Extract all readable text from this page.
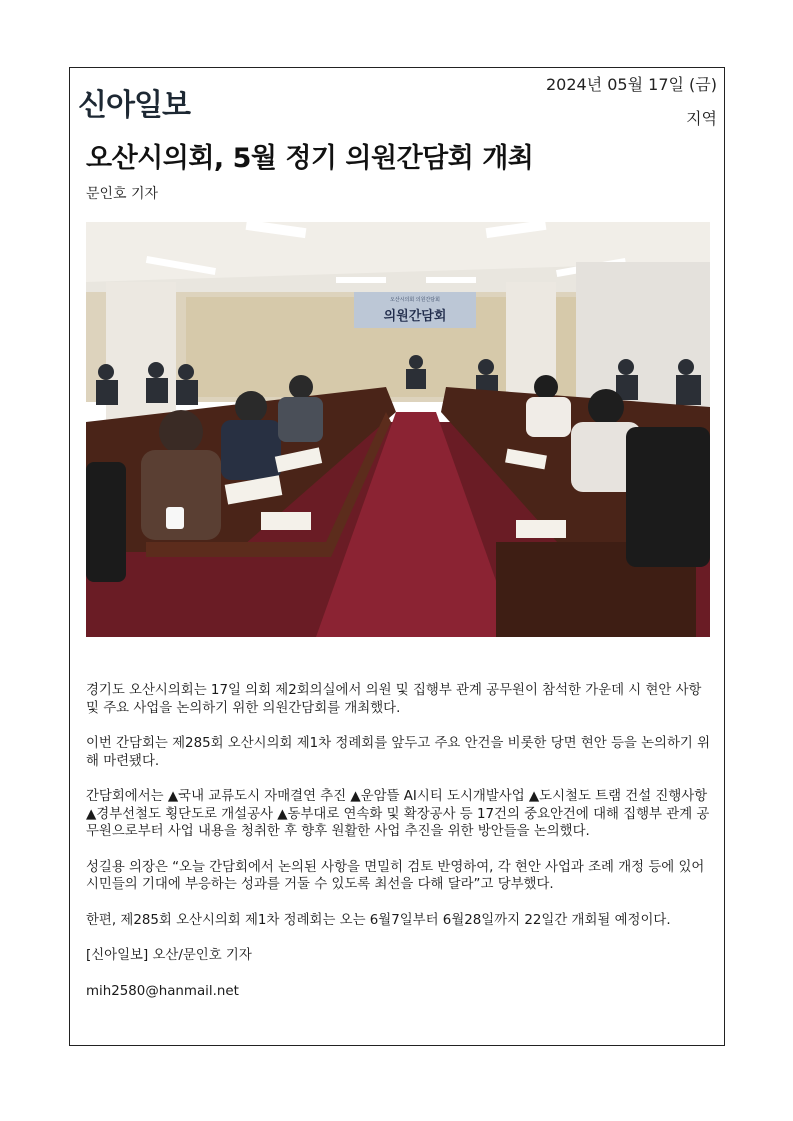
신아일보
2024년 05월 17일 (금)
지역
오산시의회, 5월 정기 의원간담회 개최
문인호 기자
오산시의회 의원간담회
의원간담회

경기도 오산시의회는 17일 의회 제2회의실에서 의원 및 집행부 관계 공무원이 참석한 가운데 시 현안 사항 및 주요 사업을 논의하기 위한 의원간담회를 개최했다.

이번 간담회는 제285회 오산시의회 제1차 정례회를 앞두고 주요 안건을 비롯한 당면 현안 등을 논의하기 위해 마련됐다.

간담회에서는 ▲국내 교류도시 자매결연 추진 ▲운암뜰 AI시티 도시개발사업 ▲도시철도 트램 건설 진행사항 ▲경부선철도 횡단도로 개설공사 ▲동부대로 연속화 및 확장공사 등 17건의 중요안건에 대해 집행부 관계 공무원으로부터 사업 내용을 청취한 후 향후 원활한 사업 추진을 위한 방안들을 논의했다.

성길용 의장은 “오늘 간담회에서 논의된 사항을 면밀히 검토 반영하여, 각 현안 사업과 조례 개정 등에 있어 시민들의 기대에 부응하는 성과를 거둘 수 있도록 최선을 다해 달라”고 당부했다.

한편, 제285회 오산시의회 제1차 정례회는 오는 6월7일부터 6월28일까지 22일간 개회될 예정이다.

[신아일보] 오산/문인호 기자

mih2580@hanmail.net
